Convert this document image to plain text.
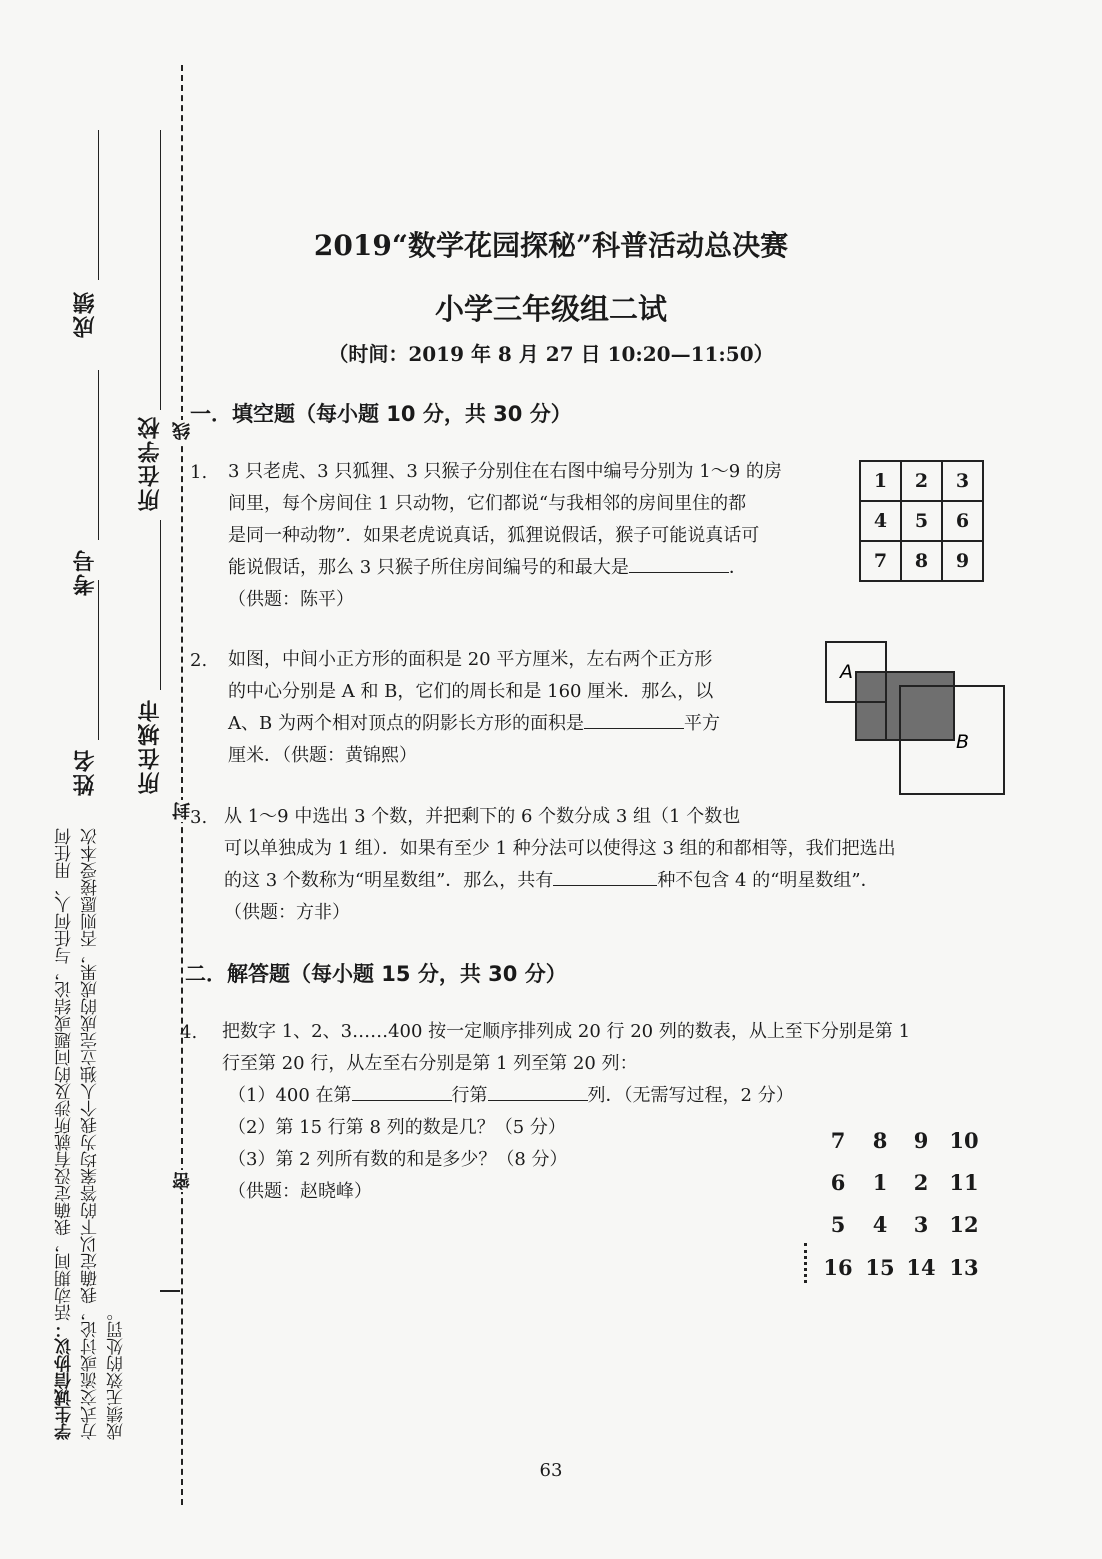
成绩
所在学校
考号
姓名 所在城市
线
封
密
学生诚信协议：活动期间，我确定没有就所涉及的问题或结论，与任何人、用任何方式交流或讨论，我确定以下的答案均为我个人独立完成的成果，否则愿接受本次成绩无效的处罚。
2019“数学花园探秘”科普活动总决赛
小学三年级组二试
（时间：2019 年 8 月 27 日 10:20—11:50）
一．填空题（每小题 10 分，共 30 分）
1. 3 只老虎、3 只狐狸、3 只猴子分别住在右图中编号分别为 1～9 的房
间里，每个房间住 1 只动物，它们都说“与我相邻的房间里住的都
是同一种动物”．如果老虎说真话，狐狸说假话，猴子可能说真话可
能说假话，那么 3 只猴子所住房间编号的和最大是	．
（供题：陈平）
1	2	3
4	5	6
7	8	9
2. 如图，中间小正方形的面积是 20 平方厘米，左右两个正方形
的中心分别是 A 和 B，它们的周长和是 160 厘米．那么，以
A、B 为两个相对顶点的阴影长方形的面积是	平方
厘米．（供题：黄锦熙）
A
B
3. 从 1～9 中选出 3 个数，并把剩下的 6 个数分成 3 组（1 个数也
可以单独成为 1 组）．如果有至少 1 种分法可以使得这 3 组的和都相等，我们把选出
的这 3 个数称为“明星数组”．那么，共有	种不包含 4 的“明星数组”．
（供题：方非）
二．解答题（每小题 15 分，共 30 分）
4. 把数字 1、2、3……400 按一定顺序排列成 20 行 20 列的数表，从上至下分别是第 1
行至第 20 行，从左至右分别是第 1 列至第 20 列：
（1）400 在第	行第	列．（无需写过程，2 分）
（2）第 15 行第 8 列的数是几？（5 分）
（3）第 2 列所有数的和是多少？（8 分）
（供题：赵晓峰）
7	8	9	10
6	1	2	11
5	4	3	12
16 15 14 13
63
